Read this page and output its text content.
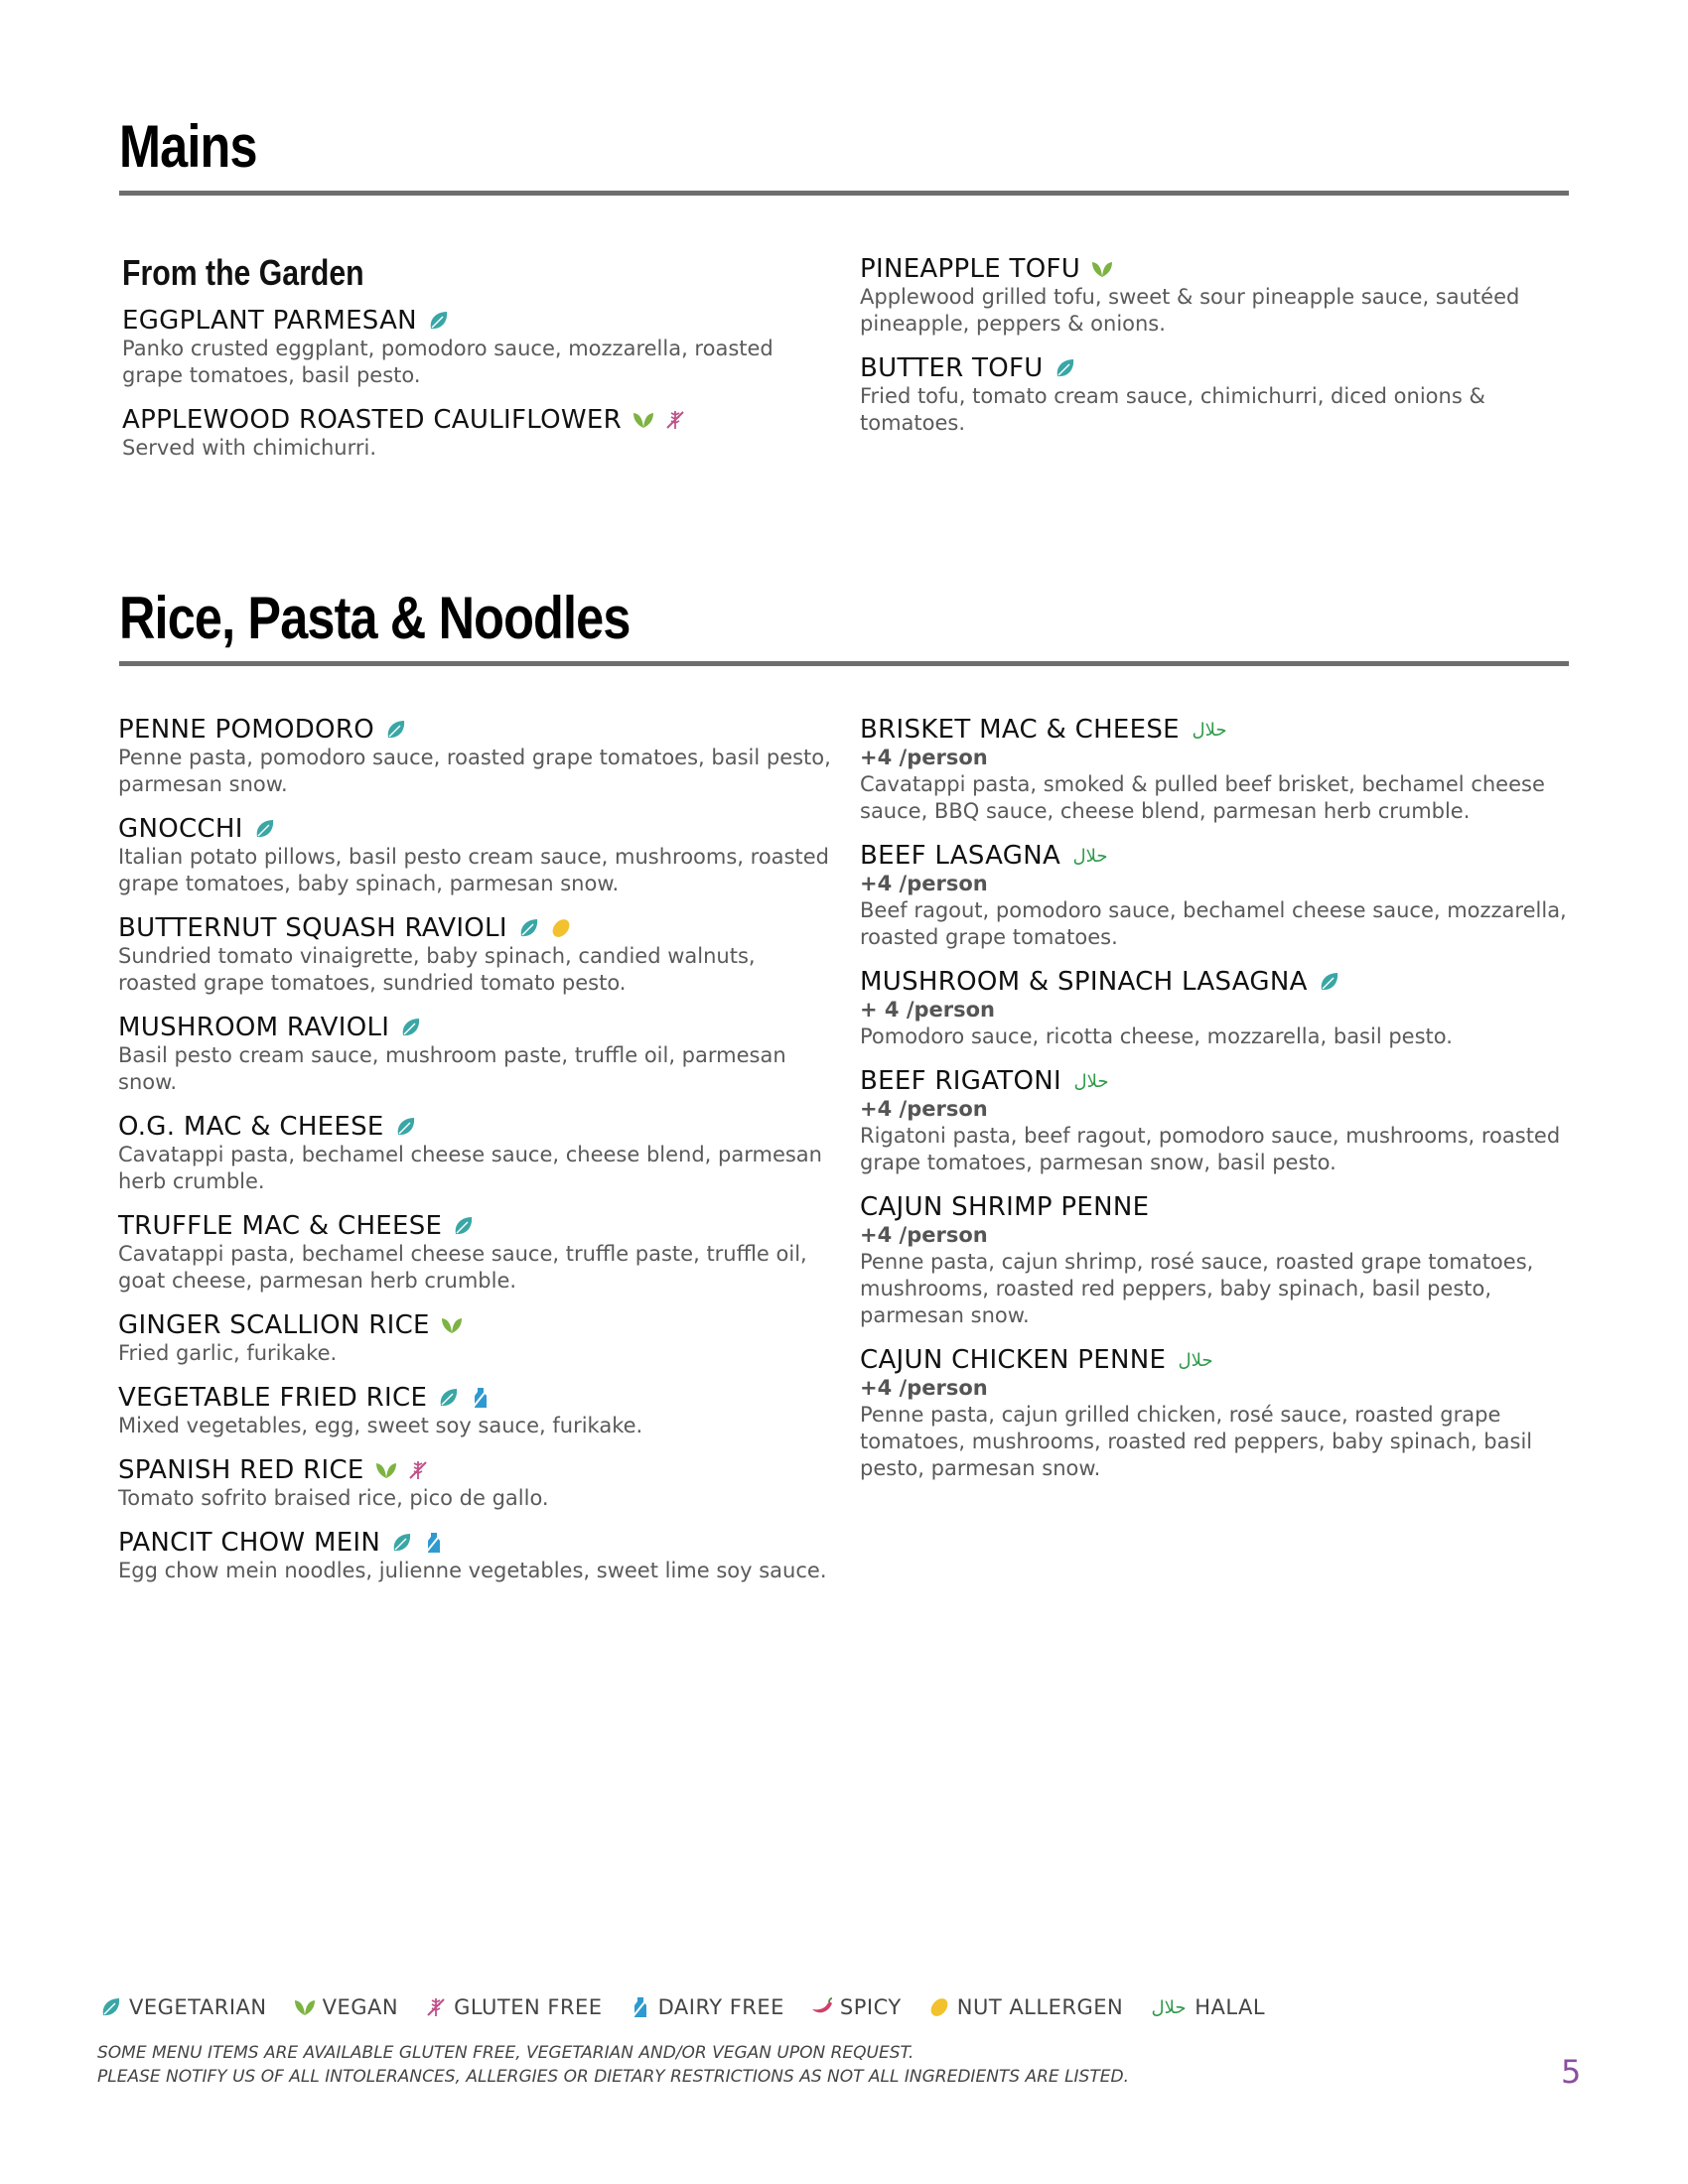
Mains
From the Garden
EGGPLANT PARMESAN
Panko crusted eggplant, pomodoro sauce, mozzarella, roasted grape tomatoes, basil pesto.
APPLEWOOD ROASTED CAULIFLOWER
Served with chimichurri.
PINEAPPLE TOFU
Applewood grilled tofu, sweet & sour pineapple sauce, sautéed pineapple, peppers & onions.
BUTTER TOFU
Fried tofu, tomato cream sauce, chimichurri, diced onions & tomatoes.
Rice, Pasta & Noodles
PENNE POMODORO
Penne pasta, pomodoro sauce, roasted grape tomatoes, basil pesto, parmesan snow.
GNOCCHI
Italian potato pillows, basil pesto cream sauce, mushrooms, roasted grape tomatoes, baby spinach, parmesan snow.
BUTTERNUT SQUASH RAVIOLI
Sundried tomato vinaigrette, baby spinach, candied walnuts, roasted grape tomatoes, sundried tomato pesto.
MUSHROOM RAVIOLI
Basil pesto cream sauce, mushroom paste, truffle oil, parmesan snow.
O.G. MAC & CHEESE
Cavatappi pasta, bechamel cheese sauce, cheese blend, parmesan herb crumble.
TRUFFLE MAC & CHEESE
Cavatappi pasta, bechamel cheese sauce, truffle paste, truffle oil, goat cheese, parmesan herb crumble.
GINGER SCALLION RICE
Fried garlic, furikake.
VEGETABLE FRIED RICE
Mixed vegetables, egg, sweet soy sauce, furikake.
SPANISH RED RICE
Tomato sofrito braised rice, pico de gallo.
PANCIT CHOW MEIN
Egg chow mein noodles, julienne vegetables, sweet lime soy sauce.
BRISKET MAC & CHEESE حلال
+4 /person
Cavatappi pasta, smoked & pulled beef brisket, bechamel cheese sauce, BBQ sauce, cheese blend, parmesan herb crumble.
BEEF LASAGNA حلال
+4 /person
Beef ragout, pomodoro sauce, bechamel cheese sauce, mozzarella, roasted grape tomatoes.
MUSHROOM & SPINACH LASAGNA
+ 4 /person
Pomodoro sauce, ricotta cheese, mozzarella, basil pesto.
BEEF RIGATONI حلال
+4 /person
Rigatoni pasta, beef ragout, pomodoro sauce, mushrooms, roasted grape tomatoes, parmesan snow, basil pesto.
CAJUN SHRIMP PENNE
+4 /person
Penne pasta, cajun shrimp, rosé sauce, roasted grape tomatoes, mushrooms, roasted red peppers, baby spinach, basil pesto, parmesan snow.
CAJUN CHICKEN PENNE حلال
+4 /person
Penne pasta, cajun grilled chicken, rosé sauce, roasted grape tomatoes, mushrooms, roasted red peppers, baby spinach, basil pesto, parmesan snow.
VEGETARIAN	VEGAN	GLUTEN FREE	DAIRY FREE	SPICY	NUT ALLERGEN حلال HALAL
SOME MENU ITEMS ARE AVAILABLE GLUTEN FREE, VEGETARIAN AND/OR VEGAN UPON REQUEST.
PLEASE NOTIFY US OF ALL INTOLERANCES, ALLERGIES OR DIETARY RESTRICTIONS AS NOT ALL INGREDIENTS ARE LISTED.	5
